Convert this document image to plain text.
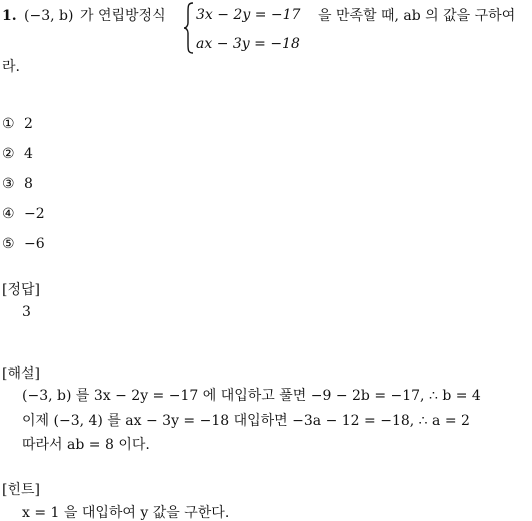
1. (−3, b) 가 연립방정식 3x − 2y = −17
ax − 3y = −18
을 만족할 때, ab 의 값을 구하여
라.
① 2
② 4
③ 8
④ −2
⑤ −6
[정답]
3
[해설]
(−3, b) 를 3x − 2y = −17 에 대입하고 풀면 −9 − 2b = −17, ∴ b = 4
이제 (−3, 4) 를 ax − 3y = −18 대입하면 −3a − 12 = −18, ∴ a = 2
따라서 ab = 8 이다.
[힌트]
x = 1 을 대입하여 y 값을 구한다.
